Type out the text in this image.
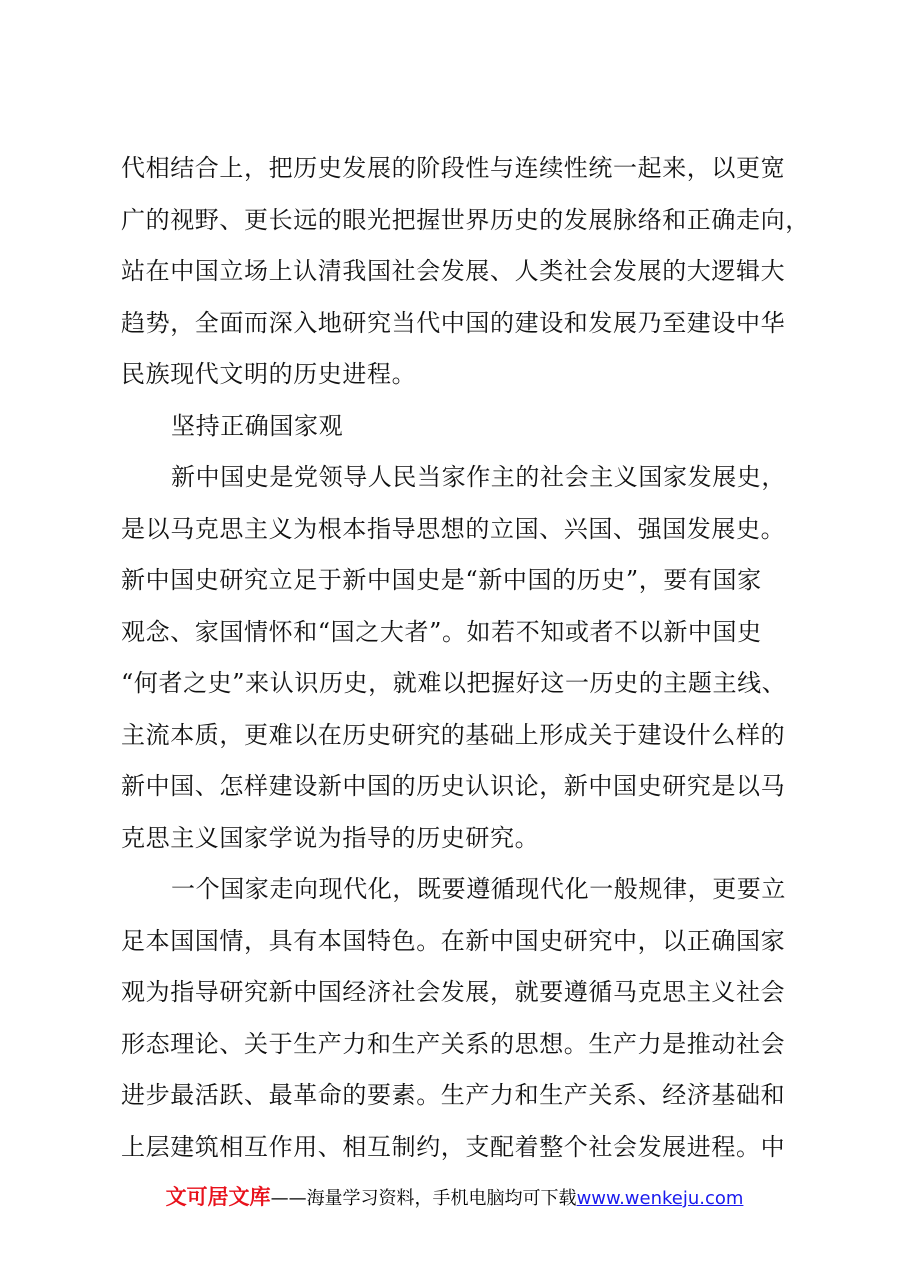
代相结合上，把历史发展的阶段性与连续性统一起来，以更宽
广的视野、更长远的眼光把握世界历史的发展脉络和正确走向，
站在中国立场上认清我国社会发展、人类社会发展的大逻辑大
趋势，全面而深入地研究当代中国的建设和发展乃至建设中华
民族现代文明的历史进程。
坚持正确国家观
新中国史是党领导人民当家作主的社会主义国家发展史，
是以马克思主义为根本指导思想的立国、兴国、强国发展史。
新中国史研究立足于新中国史是“新中国的历史”，要有国家
观念、家国情怀和“国之大者”。如若不知或者不以新中国史
“何者之史”来认识历史，就难以把握好这一历史的主题主线、
主流本质，更难以在历史研究的基础上形成关于建设什么样的
新中国、怎样建设新中国的历史认识论，新中国史研究是以马
克思主义国家学说为指导的历史研究。
一个国家走向现代化，既要遵循现代化一般规律，更要立
足本国国情，具有本国特色。在新中国史研究中，以正确国家
观为指导研究新中国经济社会发展，就要遵循马克思主义社会
形态理论、关于生产力和生产关系的思想。生产力是推动社会
进步最活跃、最革命的要素。生产力和生产关系、经济基础和
上层建筑相互作用、相互制约，支配着整个社会发展进程。中
文可居文库——海量学习资料，手机电脑均可下载www.wenkeju.com
